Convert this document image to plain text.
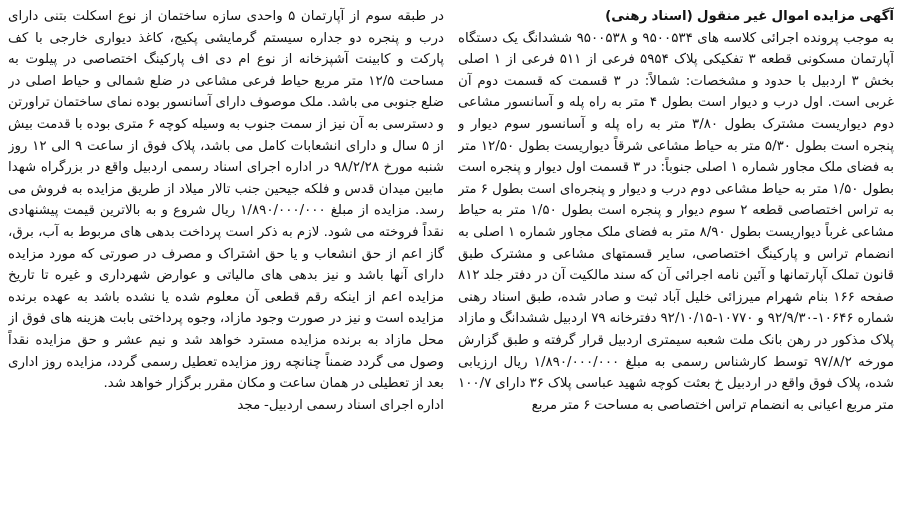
آگهی مزایده اموال غیر منقول (اسناد رهنی)

به موجب پرونده اجرائی کلاسه های ۹۵۰۰۵۳۴ و ۹۵۰۰۵۳۸ ششدانگ یک دستگاه آپارتمان مسکونی قطعه ۳ تفکیکی پلاک ۵۹۵۴ فرعی از ۵۱۱ فرعی از ۱ اصلی بخش ۳ اردبیل با حدود و مشخصات: شمالاً: در ۳ قسمت که قسمت دوم آن غربی است. اول درب و دیوار است بطول ۴ متر به راه پله و آسانسور مشاعی دوم دیواریست مشترک بطول ۳/۸۰ متر به راه پله و آسانسور سوم دیوار و پنجره است بطول ۵/۳۰ متر به حیاط مشاعی شرقاً دیواریست بطول ۱۲/۵۰ متر به فضای ملک مجاور شماره ۱ اصلی جنوباً: در ۳ قسمت اول دیوار و پنجره است بطول ۱/۵۰ متر به حیاط مشاعی دوم درب و دیوار و پنجره‌ای است بطول ۶ متر به تراس اختصاصی قطعه ۲ سوم دیوار و پنجره است بطول ۱/۵۰ متر به حیاط مشاعی غرباً دیواریست بطول ۸/۹۰ متر به فضای ملک مجاور شماره ۱ اصلی به انضمام تراس و پارکینگ اختصاصی، سایر قسمتهای مشاعی و مشترک طبق قانون تملک آپارتمانها و آئین نامه اجرائی آن که سند مالکیت آن در دفتر جلد ۸۱۲ صفحه ۱۶۶ بنام شهرام میرزائی خلیل آباد ثبت و صادر شده، طبق اسناد رهنی شماره ۱۰۶۴۶-۹۲/۹/۳۰ و ۱۰۷۷۰-۹۲/۱۰/۱۵ دفترخانه ۷۹ اردبیل ششدانگ و مازاد پلاک مذکور در رهن بانک ملت شعبه سیمتری اردبیل قرار گرفته و طبق گزارش مورخه ۹۷/۸/۲ توسط کارشناس رسمی به مبلغ ۱/۸۹۰/۰۰۰/۰۰۰ ریال ارزیابی شده، پلاک فوق واقع در اردبیل خ بعثت کوچه شهید عباسی پلاک ۳۶ دارای ۱۰۰/۷ متر مربع اعیانی به انضمام تراس اختصاصی به مساحت ۶ متر مربع

در طبقه سوم از آپارتمان ۵ واحدی سازه ساختمان از نوع اسکلت بتنی دارای درب و پنجره دو جداره سیستم گرمایشی پکیج، کاغذ دیواری خارجی با کف پارکت و کابینت آشپزخانه از نوع ام دی اف پارکینگ اختصاصی در پیلوت به مساحت ۱۲/۵ متر مربع حیاط فرعی مشاعی در ضلع شمالی و حیاط اصلی در ضلع جنوبی می باشد. ملک موصوف دارای آسانسور بوده نمای ساختمان تراورتن و دسترسی به آن نیز از سمت جنوب به وسیله کوچه ۶ متری بوده با قدمت بیش از ۵ سال و دارای انشعابات کامل می باشد، پلاک فوق از ساعت ۹ الی ۱۲ روز شنبه مورخ ۹۸/۲/۲۸ در اداره اجرای اسناد رسمی اردبیل واقع در بزرگراه شهدا مابین میدان قدس و فلکه جیحین جنب تالار میلاد از طریق مزایده به فروش می رسد. مزایده از مبلغ ۱/۸۹۰/۰۰۰/۰۰۰ ریال شروع و به بالاترین قیمت پیشنهادی نقداً فروخته می شود. لازم به ذکر است پرداخت بدهی های مربوط به آب، برق، گاز اعم از حق انشعاب و یا حق اشتراک و مصرف در صورتی که مورد مزایده دارای آنها باشد و نیز بدهی های مالیاتی و عوارض شهرداری و غیره تا تاریخ مزایده اعم از اینکه رقم قطعی آن معلوم شده یا نشده باشد به عهده برنده مزایده است و نیز در صورت وجود مازاد، وجوه پرداختی بابت هزینه های فوق از محل مازاد به برنده مزایده مسترد خواهد شد و نیم عشر و حق مزایده نقداً وصول می گردد ضمناً چنانچه روز مزایده تعطیل رسمی گردد، مزایده روز اداری بعد از تعطیلی در همان ساعت و مکان مقرر برگزار خواهد شد.

اداره اجرای اسناد رسمی اردبیل- مجد
